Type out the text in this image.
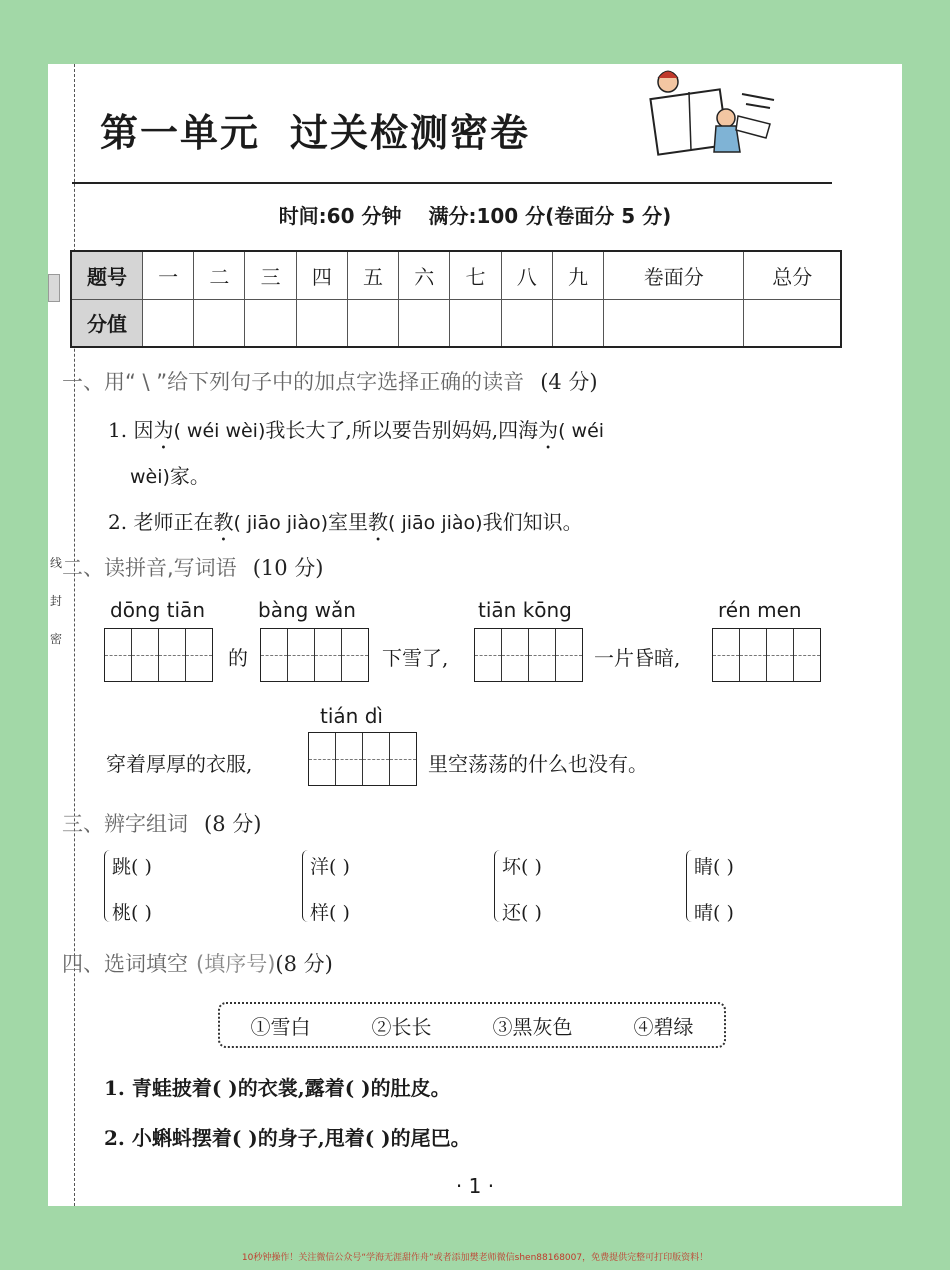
线
封
密
第一单元 过关检测密卷
时间:60 分钟 满分:100 分(卷面分 5 分)
题号	一	二	三	四	五	六	七	八	九	卷面分	总分
分值											
一、用“ \ ”给下列句子中的加点字选择正确的读音 (4 分)
1. 因为( wéi wèi)我长大了,所以要告别妈妈,四海为( wéi
wèi)家。
2. 老师正在教( jiāo jiào)室里教( jiāo jiào)我们知识。
二、读拼音,写词语 (10 分)
dōng tiān	bàng wǎn	tiān kōng	rén men
的	下雪了,	一片昏暗,
tián dì
穿着厚厚的衣服,	里空荡荡的什么也没有。
三、辨字组词 (8 分)
跳( )
桃( )
洋( )
样( )
坏( )
还( )
睛( )
晴( )
四、选词填空 (填序号)(8 分)
①雪白	②长长	③黑灰色	④碧绿
1. 青蛙披着( )的衣裳,露着( )的肚皮。
2. 小蝌蚪摆着( )的身子,甩着( )的尾巴。
· 1 ·
10秒钟操作！关注微信公众号“学海无涯甜作舟”或者添加樊老师微信shen88168007，免费提供完整可打印版资料！
